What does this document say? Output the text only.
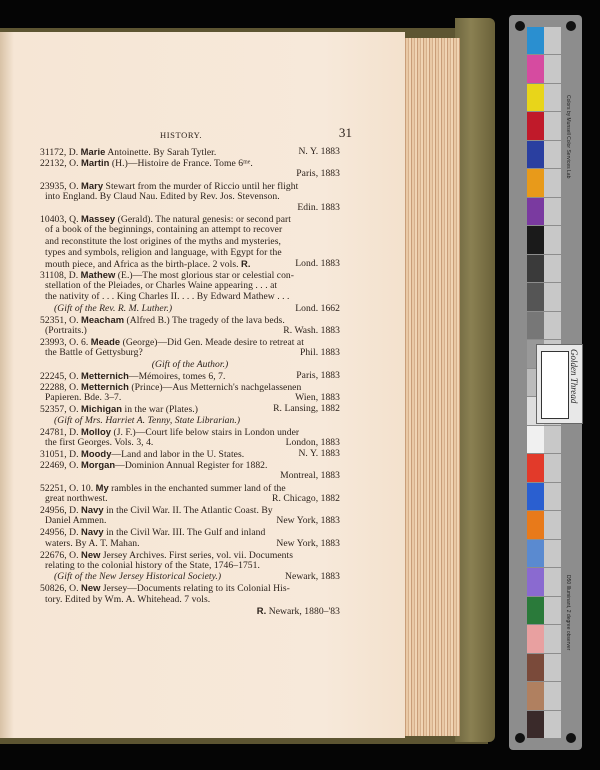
HISTORY.	31
31172, D. Marie Antoinette. By Sarah Tytler.	N. Y. 1883
22132, O. Martin (H.)—Histoire de France. Tome 6ᵐᵉ.
Paris, 1883
23935, O. Mary Stewart from the murder of Riccio until her flight
into England. By Claud Nau. Edited by Rev. Jos. Stevenson.
Edin. 1883
10403, Q. Massey (Gerald). The natural genesis: or second part
of a book of the beginnings, containing an attempt to recover
and reconstitute the lost origines of the myths and mysteries,
types and symbols, religion and language, with Egypt for the
mouth piece, and Africa as the birth-place. 2 vols. R.	Lond. 1883
31108, D. Mathew (E.)—The most glorious star or celestial con-
stellation of the Pleiades, or Charles Waine appearing . . . at
the nativity of . . . King Charles II. . . . By Edward Mathew . . .
(Gift of the Rev. R. M. Luther.)	Lond. 1662
52351, O. Meacham (Alfred B.) The tragedy of the lava beds.
(Portraits.)	R. Wash. 1883
23993, O. 6. Meade (George)—Did Gen. Meade desire to retreat at
the Battle of Gettysburg?	Phil. 1883
(Gift of the Author.)
22245, O. Metternich—Mémoires, tomes 6, 7.	Paris, 1883
22288, O. Metternich (Prince)—Aus Metternich's nachgelassenen
Papieren. Bde. 3–7.	Wien, 1883
52357, O. Michigan in the war (Plates.)	R. Lansing, 1882
(Gift of Mrs. Harriet A. Tenny, State Librarian.)
24781, D. Molloy (J. F.)—Court life below stairs in London under
the first Georges. Vols. 3, 4.	London, 1883
31051, D. Moody—Land and labor in the U. States.	N. Y. 1883
22469, O. Morgan—Dominion Annual Register for 1882.
Montreal, 1883
52251, O. 10. My rambles in the enchanted summer land of the
great northwest.	R. Chicago, 1882
24956, D. Navy in the Civil War. II. The Atlantic Coast. By
Daniel Ammen.	New York, 1883
24956, D. Navy in the Civil War. III. The Gulf and inland
waters. By A. T. Mahan.	New York, 1883
22676, O. New Jersey Archives. First series, vol. vii. Documents
relating to the colonial history of the State, 1746–1751.
(Gift of the New Jersey Historical Society.)	Newark, 1883
50826, O. New Jersey—Documents relating to its Colonial His-
tory. Edited by Wm. A. Whitehead. 7 vols.
R. Newark, 1880–'83
Colors by Munsell Color Services Lab
D50 Illuminant, 2 degree observer
Golden Thread
